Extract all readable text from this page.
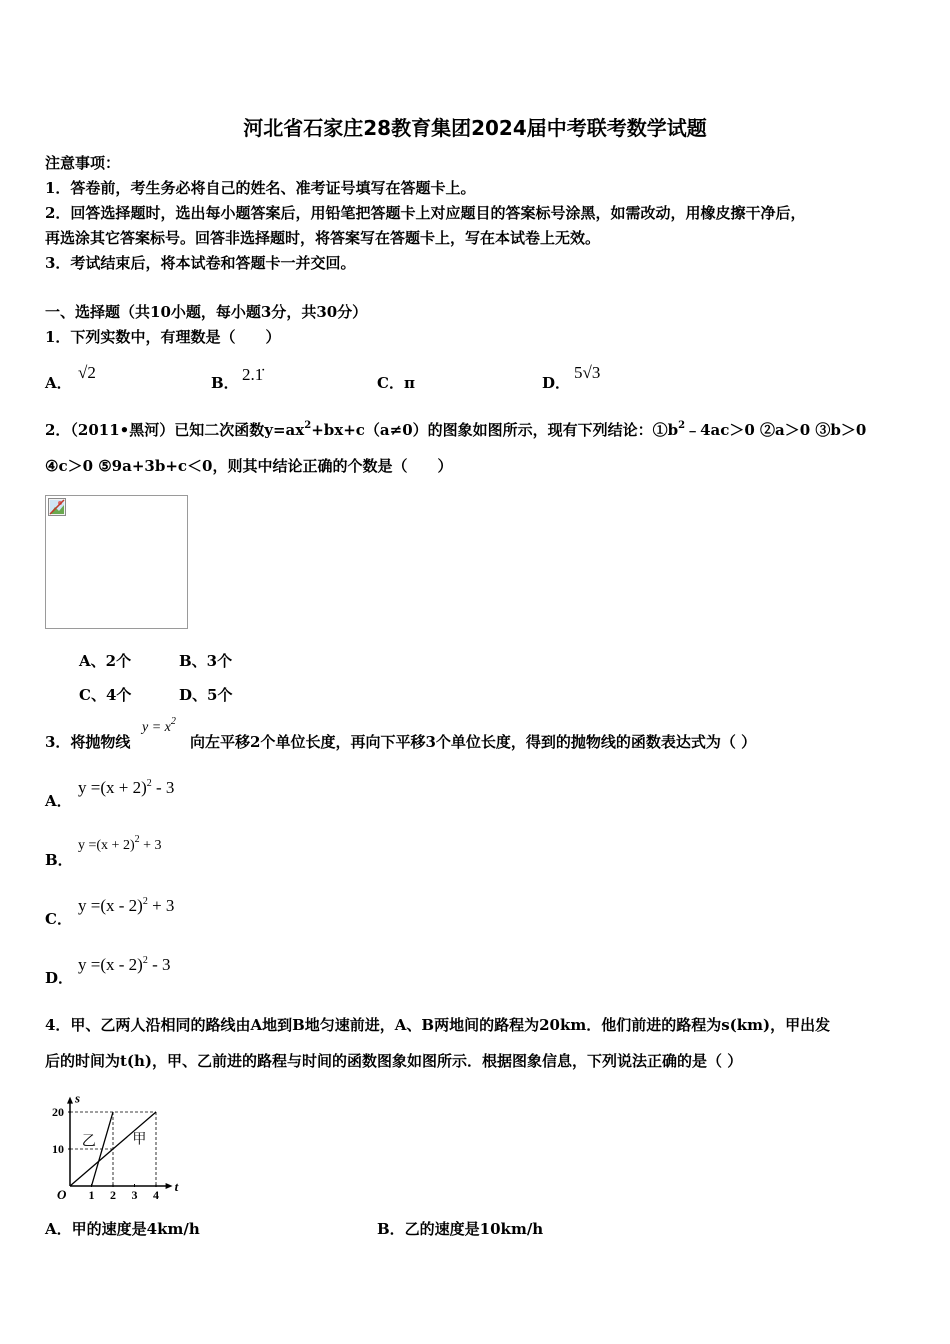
河北省石家庄28教育集团2024届中考联考数学试题
注意事项：
1．答卷前，考生务必将自己的姓名、准考证号填写在答题卡上。
2．回答选择题时，选出每小题答案后，用铅笔把答题卡上对应题目的答案标号涂黑，如需改动，用橡皮擦干净后，
再选涂其它答案标号。回答非选择题时，将答案写在答题卡上，写在本试卷上无效。
3．考试结束后，将本试卷和答题卡一并交回。
一、选择题（共10小题，每小题3分，共30分）
1．下列实数中，有理数是（　　）
A．
√2
B． 2.1̇	C．π	D．
5√3
2．（2011•黑河）已知二次函数$y=ax^2+bx+c(a\ne 0)$的图象如图所示，现有下列结论：$①b^2﹣4ac>0$ ②a＞0 ③b＞0
④c＞0 ⑤9a+3b+c＜0，则其中结论正确的个数是（　　）
A、2个	B、3个
C、4个	D、5个
3．将抛物线
$y = x^2$
向左平移2个单位长度，再向下平移3个单位长度，得到的抛物线的函数表达式为（ ）
A．
$y =(x + 2)^2 - 3$
B．
$y =(x + 2)^2 + 3$
C．
y =(x - 2)$^2$ + 3
D．
y =(x - 2)$^2$ - 3
4．甲、乙两人沿相同的路线由A地到B地匀速前进，A、B两地间的路程为20km．他们前进的路程为s(km)，甲出发
后的时间为t(h)，甲、乙前进的路程与时间的函数图象如图所示．根据图象信息，下列说法正确的是（ ）
t
s
O 1 2 3 4
10
20
甲
乙
A．甲的速度是4km/h	B．乙的速度是10km/h
